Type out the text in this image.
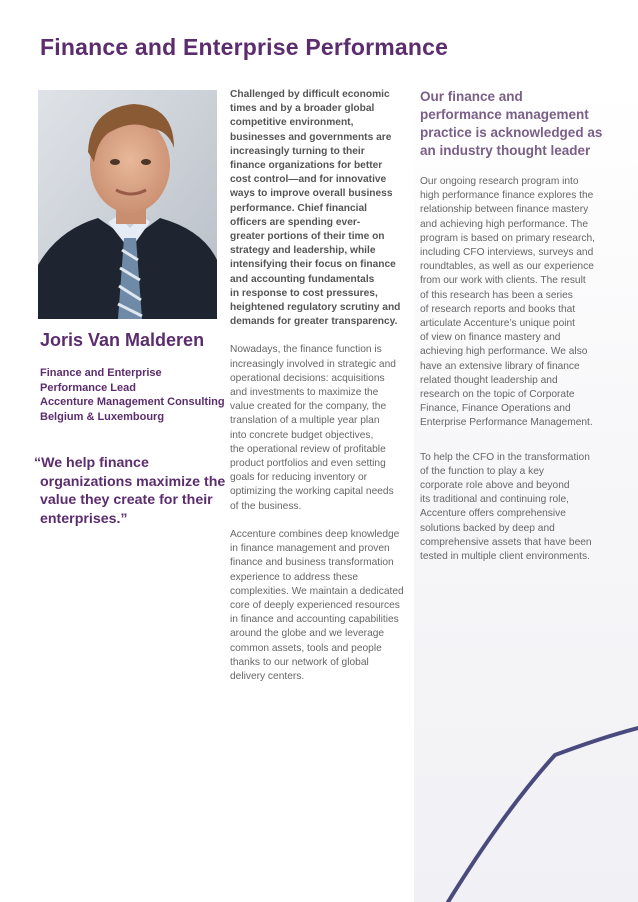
Finance and Enterprise Performance
Joris Van Malderen
Finance and Enterprise
Performance Lead
Accenture Management Consulting
Belgium & Luxembourg
“We help finance
organizations maximize the
value they create for their
enterprises.”
Challenged by difficult economic
times and by a broader global
competitive environment,
businesses and governments are
increasingly turning to their
finance organizations for better
cost control—and for innovative
ways to improve overall business
performance. Chief financial
officers are spending ever-
greater portions of their time on
strategy and leadership, while
intensifying their focus on finance
and accounting fundamentals
in response to cost pressures,
heightened regulatory scrutiny and
demands for greater transparency.

Nowadays, the finance function is
increasingly involved in strategic and
operational decisions: acquisitions
and investments to maximize the
value created for the company, the
translation of a multiple year plan
into concrete budget objectives,
the operational review of profitable
product portfolios and even setting
goals for reducing inventory or
optimizing the working capital needs
of the business.

Accenture combines deep knowledge
in finance management and proven
finance and business transformation
experience to address these
complexities. We maintain a dedicated
core of deeply experienced resources
in finance and accounting capabilities
around the globe and we leverage
common assets, tools and people
thanks to our network of global
delivery centers.

Our finance and
performance management
practice is acknowledged as
an industry thought leader

Our ongoing research program into
high performance finance explores the
relationship between finance mastery
and achieving high performance. The
program is based on primary research,
including CFO interviews, surveys and
roundtables, as well as our experience
from our work with clients. The result
of this research has been a series
of research reports and books that
articulate Accenture’s unique point
of view on finance mastery and
achieving high performance. We also
have an extensive library of finance
related thought leadership and
research on the topic of Corporate
Finance, Finance Operations and
Enterprise Performance Management.

To help the CFO in the transformation
of the function to play a key
corporate role above and beyond
its traditional and continuing role,
Accenture offers comprehensive
solutions backed by deep and
comprehensive assets that have been
tested in multiple client environments.
